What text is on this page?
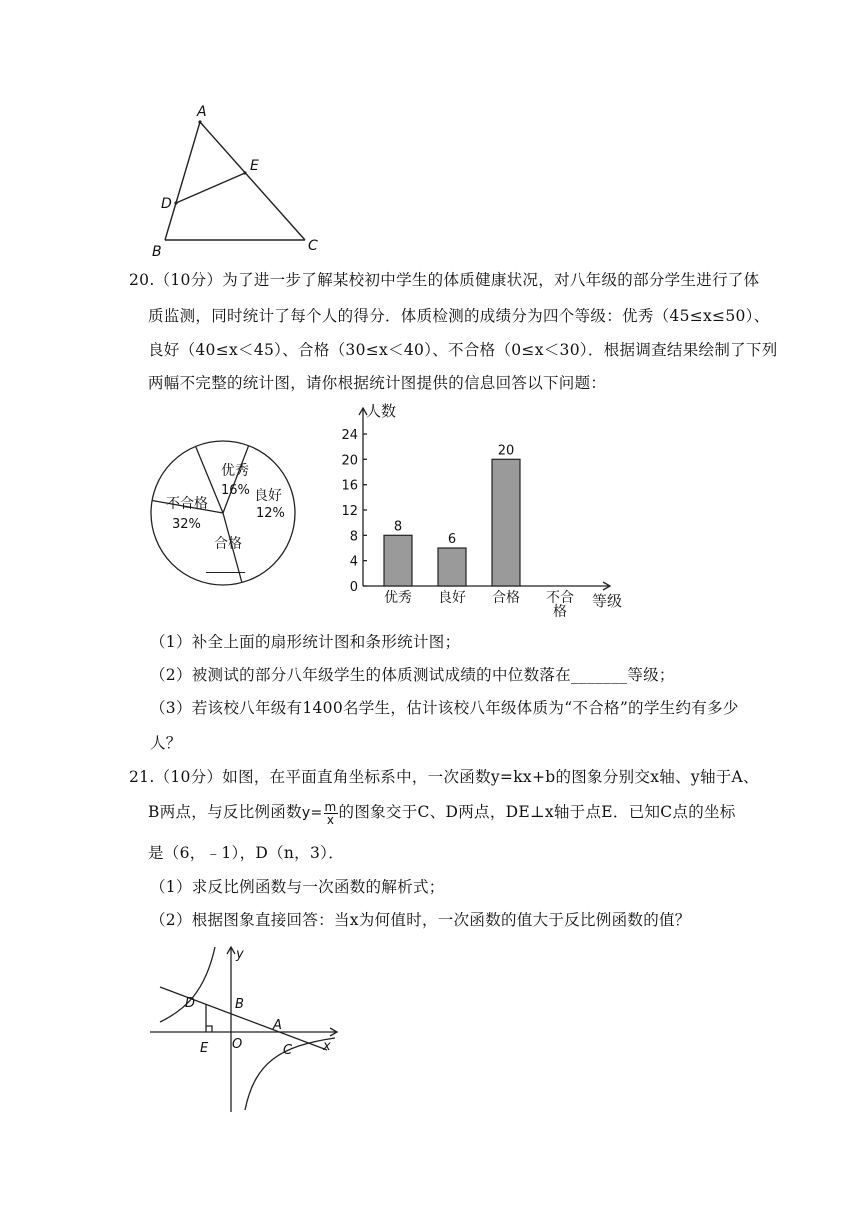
A
E
D
B	C
20.（10分）为了进一步了解某校初中学生的体质健康状况，对八年级的部分学生进行了体
质监测，同时统计了每个人的得分．体质检测的成绩分为四个等级：优秀（45≤x≤50）、
良好（40≤x＜45）、合格（30≤x＜40）、不合格（0≤x＜30）．根据调查结果绘制了下列
两幅不完整的统计图，请你根据统计图提供的信息回答以下问题：
优秀
16% 良好
12%
不合格
32%
合格
______
0
4
8
12
16
20
24
优秀 良好 合格 不合
格
8
6
20
人数
等级
（1）补全上面的扇形统计图和条形统计图；
（2）被测试的部分八年级学生的体质测试成绩的中位数落在_______等级；
（3）若该校八年级有1400名学生，估计该校八年级体质为“不合格”的学生约有多少
人？
21.（10分）如图，在平面直角坐标系中，一次函数y=kx+b的图象分别交x轴、y轴于A、
B两点，与反比例函数$y= \frac{m}{x}$ 的图象交于C、D两点，DE⊥x轴于点E．已知C点的坐标
是（6，﹣1），D（n，3）．
（1）求反比例函数与一次函数的解析式；
（2）根据图象直接回答：当x为何值时，一次函数的值大于反比例函数的值？
y
x
D	B
A
E O	C
